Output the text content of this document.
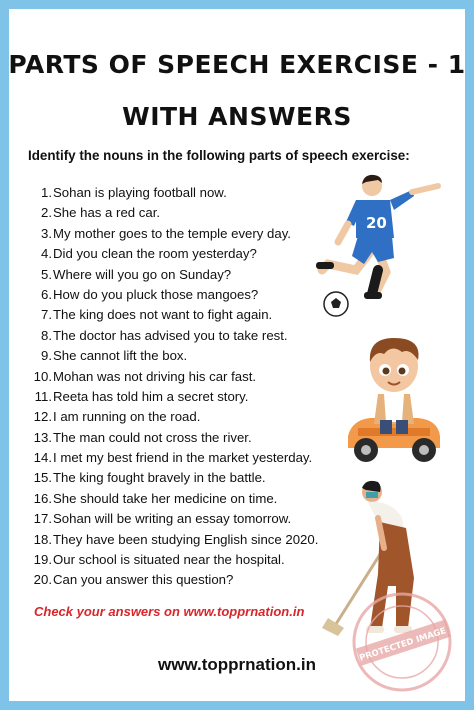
PARTS OF SPEECH EXERCISE - 1
WITH ANSWERS
Identify the nouns in the following parts of speech exercise:
1. Sohan is playing football now.
2. She has a red car.
3. My mother goes to the temple every day.
4. Did you clean the room yesterday?
5. Where will you go on Sunday?
6. How do you pluck those mangoes?
7. The king does not want to fight again.
8. The doctor has advised you to take rest.
9. She cannot lift the box.
10. Mohan was not driving his car fast.
11. Reeta has told him a secret story.
12. I am running on the road.
13. The man could not cross the river.
14. I met my best friend in the market yesterday.
15. The king fought bravely in the battle.
16. She should take her medicine on time.
17. Sohan will be writing an essay tomorrow.
18. They have been studying English since 2020.
19. Our school is situated near the hospital.
20. Can you answer this question?
20
Check your answers on www.topprnation.in
PROTECTED IMAGE
www.topprnation.in
